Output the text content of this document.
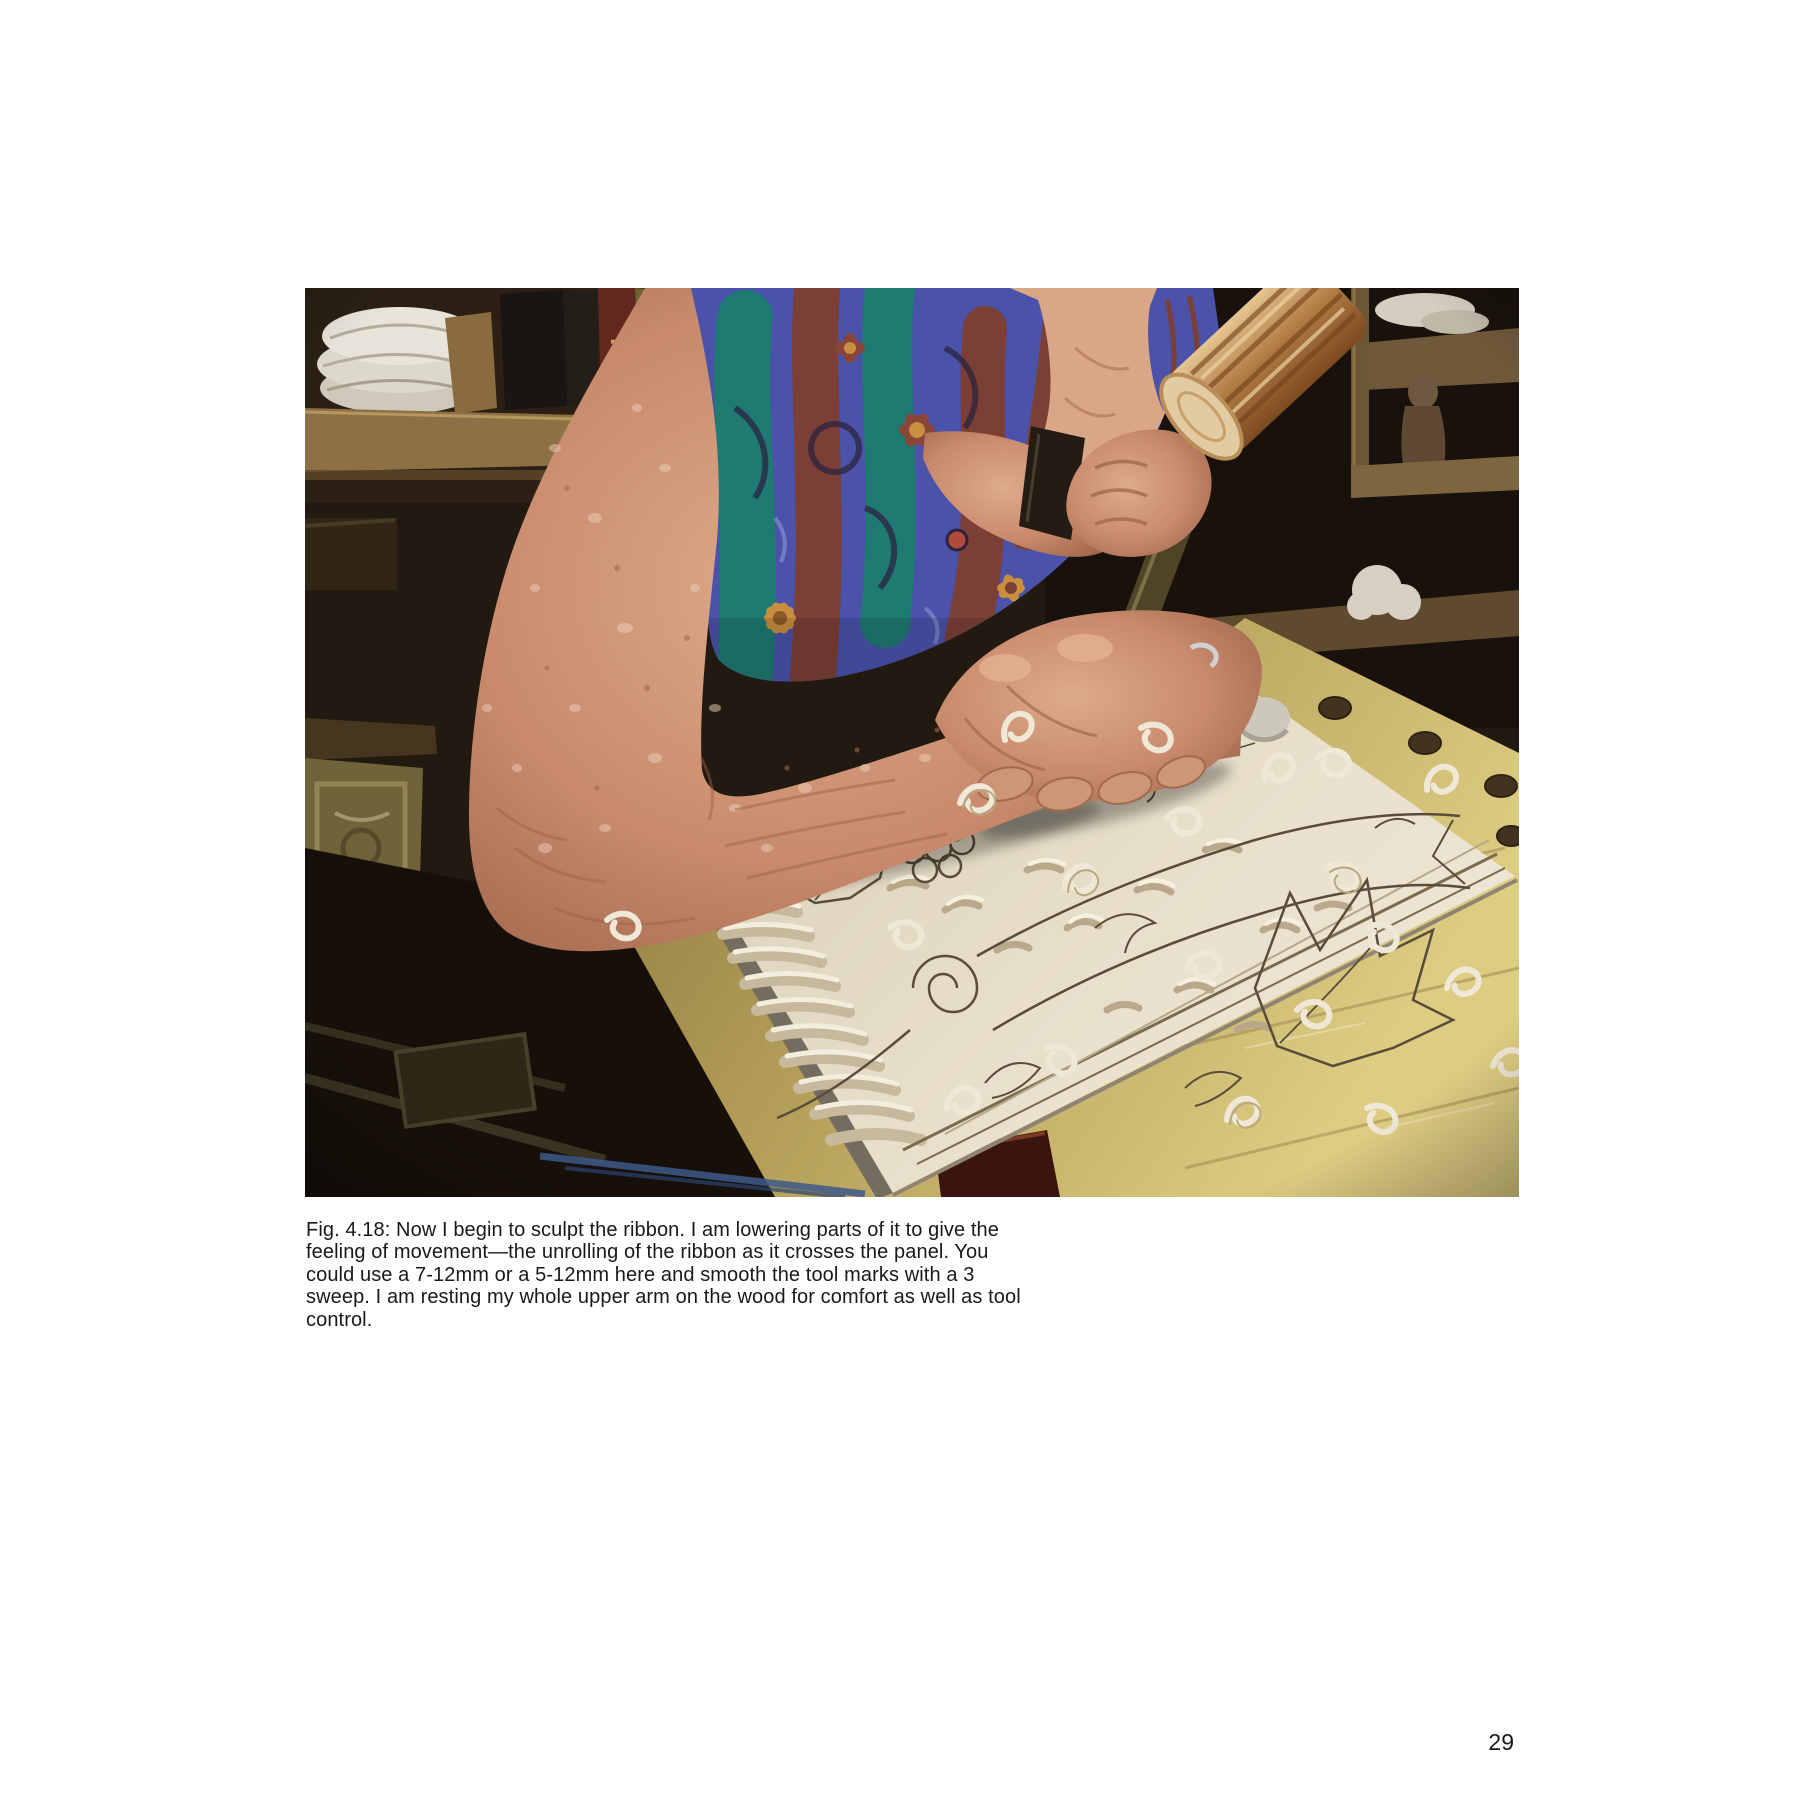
Fig. 4.18: Now I begin to sculpt the ribbon. I am lowering parts of it to give the
feeling of movement—the unrolling of the ribbon as it crosses the panel. You
could use a 7-12mm or a 5-12mm here and smooth the tool marks with a 3
sweep. I am resting my whole upper arm on the wood for comfort as well as tool
control.
29
